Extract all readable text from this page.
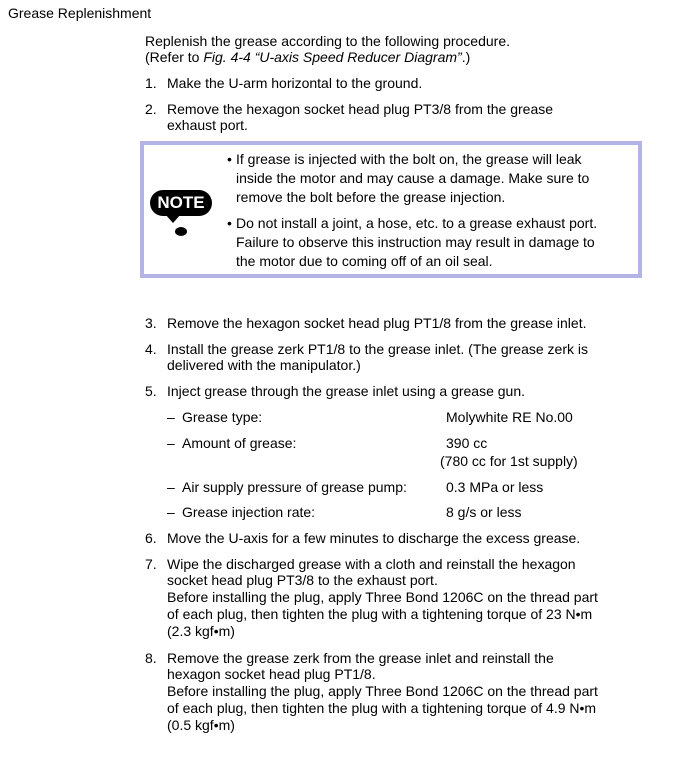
Grease Replenishment
Replenish the grease according to the following procedure.
(Refer to Fig. 4-4 “U-axis Speed Reducer Diagram”.)
1. Make the U-arm horizontal to the ground.
2. Remove the hexagon socket head plug PT3/8 from the grease
exhaust port.
NOTE
• If grease is injected with the bolt on, the grease will leak
inside the motor and may cause a damage. Make sure to
remove the bolt before the grease injection.
• Do not install a joint, a hose, etc. to a grease exhaust port.
Failure to observe this instruction may result in damage to
the motor due to coming off of an oil seal.
3. Remove the hexagon socket head plug PT1/8 from the grease inlet.
4. Install the grease zerk PT1/8 to the grease inlet. (The grease zerk is
delivered with the manipulator.)
5. Inject grease through the grease inlet using a grease gun.
– Grease type:	Molywhite RE No.00
– Amount of grease:	390 cc
(780 cc for 1st supply)
– Air supply pressure of grease pump:	0.3 MPa or less
– Grease injection rate:	8 g/s or less
6. Move the U-axis for a few minutes to discharge the excess grease.
7. Wipe the discharged grease with a cloth and reinstall the hexagon
socket head plug PT3/8 to the exhaust port.
Before installing the plug, apply Three Bond 1206C on the thread part
of each plug, then tighten the plug with a tightening torque of 23 N•m
(2.3 kgf•m)
8. Remove the grease zerk from the grease inlet and reinstall the
hexagon socket head plug PT1/8.
Before installing the plug, apply Three Bond 1206C on the thread part
of each plug, then tighten the plug with a tightening torque of 4.9 N•m
(0.5 kgf•m)
